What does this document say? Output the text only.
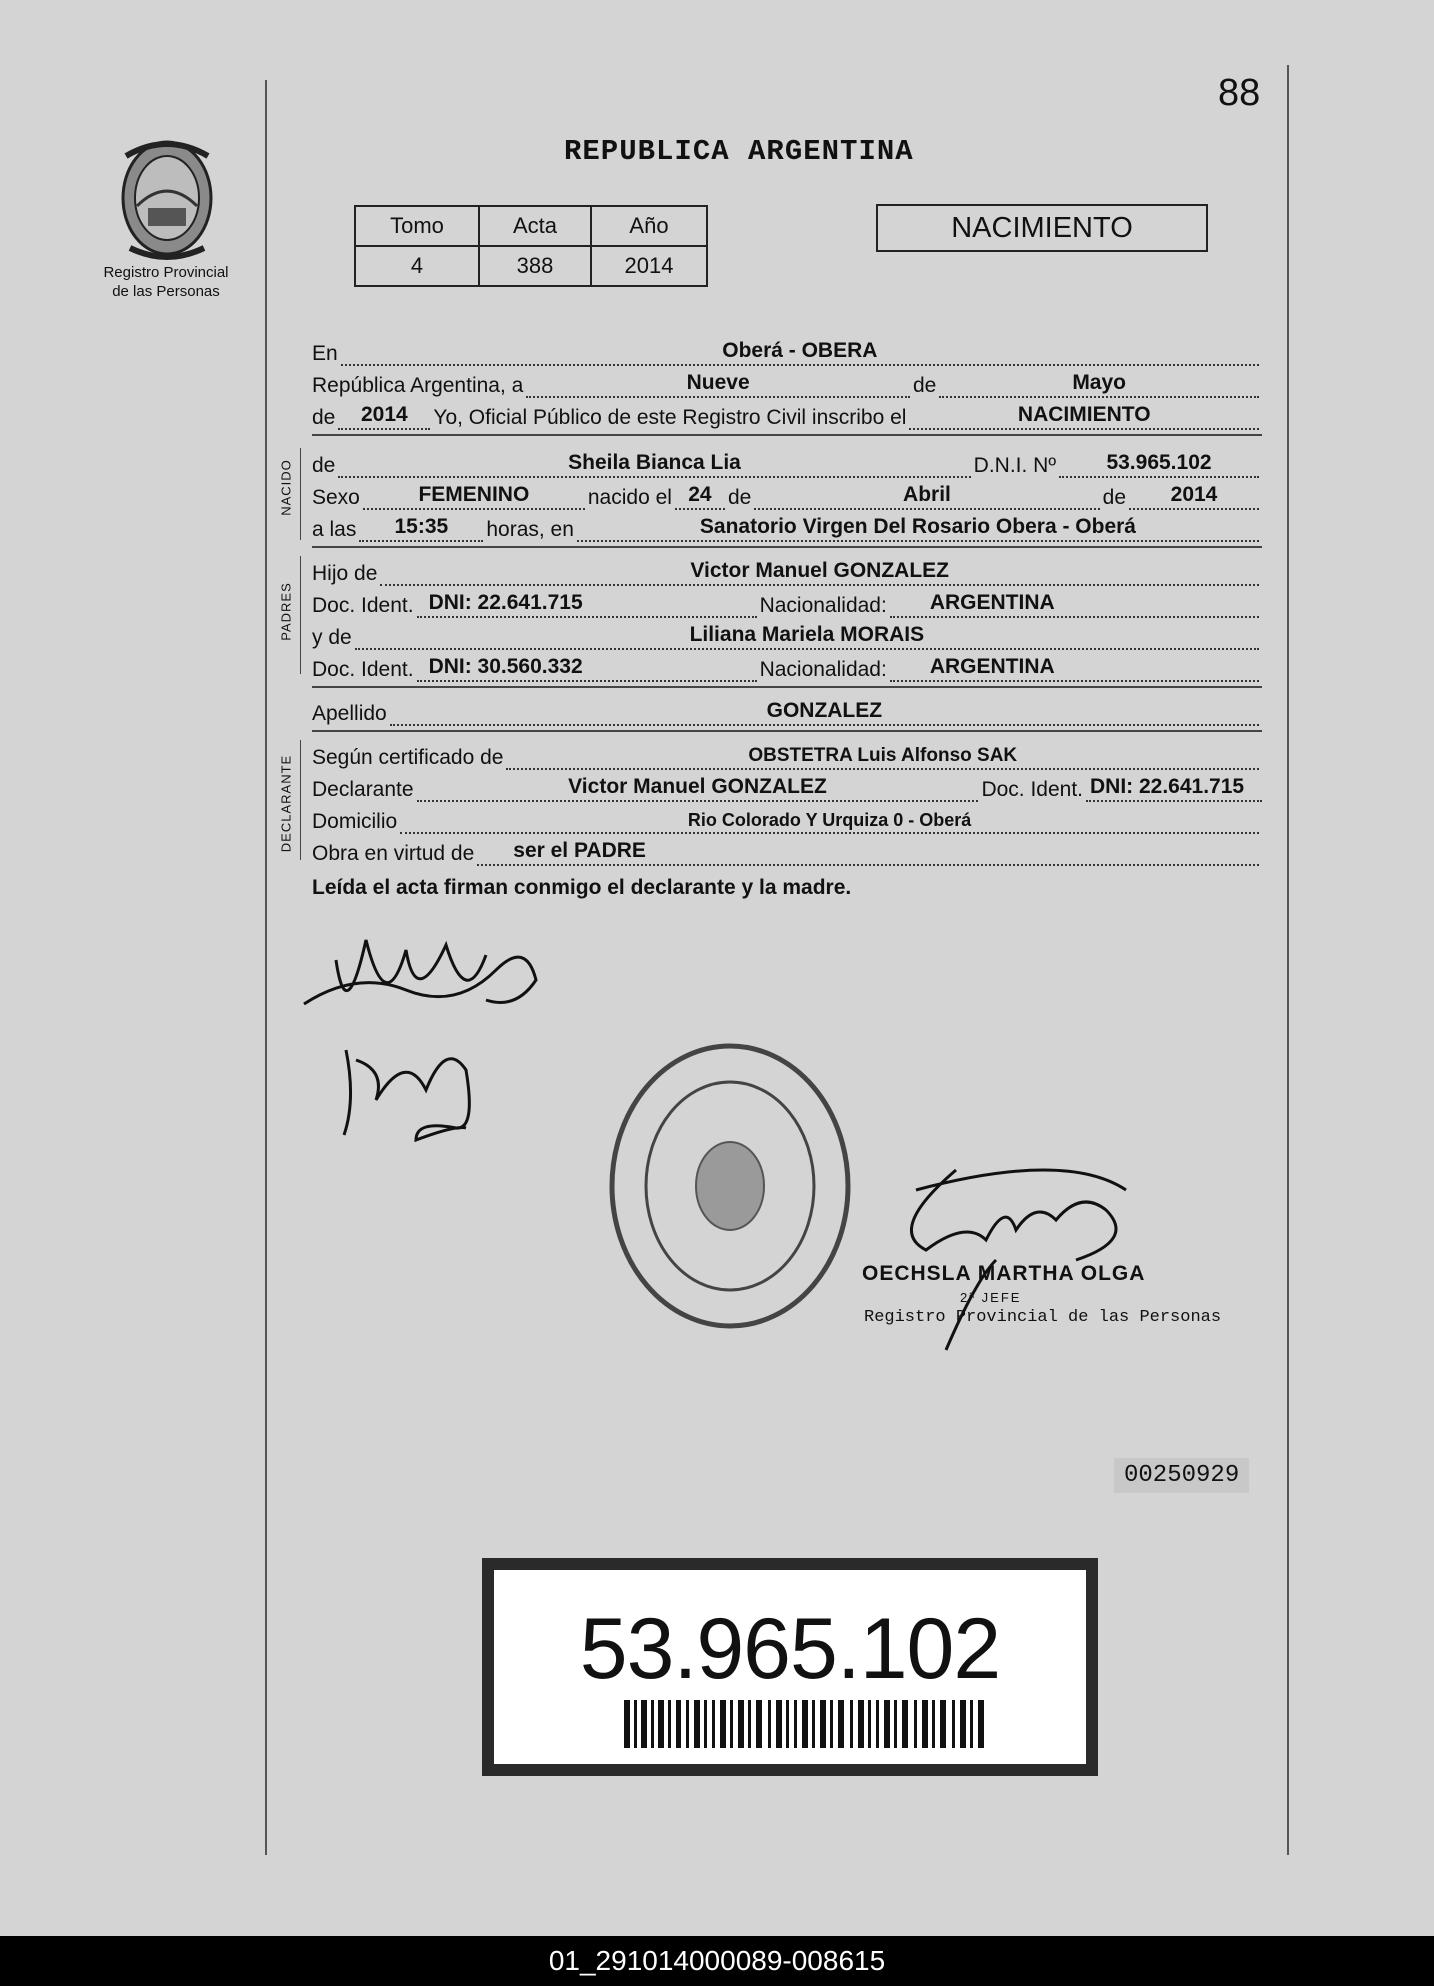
88
Registro Provincial
de las Personas
REPUBLICA ARGENTINA
Tomo	Acta	Año
4	388	2014
NACIMIENTO
En	Oberá - OBERA
República Argentina, a	Nueve	de	Mayo
de 2014 Yo, Oficial Público de este Registro Civil inscribo el	NACIMIENTO
NACIDO de	Sheila Bianca Lia	D.N.I. Nº 53.965.102
Sexo	FEMENINO	nacido el 24 de	Abril	de 2014
a las 15:35 horas, en	Sanatorio Virgen Del Rosario Obera - Oberá
PADRES
Hijo de	Victor Manuel GONZALEZ
Doc. Ident. DNI: 22.641.715	Nacionalidad: ARGENTINA
y de	Liliana Mariela MORAIS
Doc. Ident. DNI: 30.560.332	Nacionalidad: ARGENTINA
Apellido	GONZALEZ
DECLARANTE Según certificado de	OBSTETRA Luis Alfonso SAK
Declarante	Victor Manuel GONZALEZ	Doc. Ident. DNI: 22.641.715
Domicilio	Rio Colorado Y Urquiza 0 - Oberá
Obra en virtud de ser el PADRE
Leída el acta firman conmigo el declarante y la madre.
OECHSLA MARTHA OLGA
2ª JEFE
Registro Provincial de las Personas
00250929
53.965.102
01_291014000089-008615
